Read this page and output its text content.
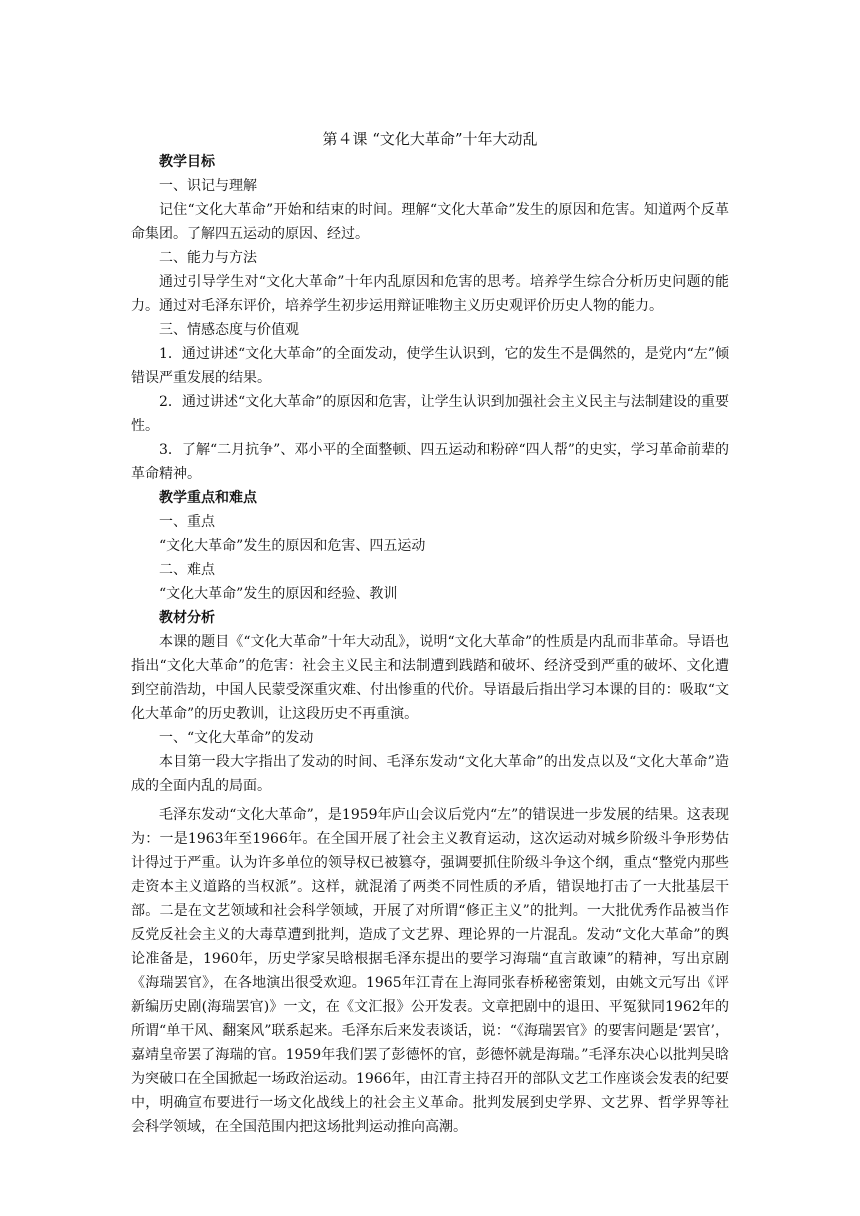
第４课 “文化大革命”十年大动乱
教学目标
一、识记与理解

记住“文化大革命”开始和结束的时间。理解“文化大革命”发生的原因和危害。知道两个反革命集团。了解四五运动的原因、经过。

二、能力与方法

通过引导学生对“文化大革命”十年内乱原因和危害的思考。培养学生综合分析历史问题的能力。通过对毛泽东评价，培养学生初步运用辩证唯物主义历史观评价历史人物的能力。

三、情感态度与价值观

1．通过讲述“文化大革命”的全面发动，使学生认识到，它的发生不是偶然的，是党内“左”倾错误严重发展的结果。

2．通过讲述“文化大革命”的原因和危害，让学生认识到加强社会主义民主与法制建设的重要性。

3．了解“二月抗争”、邓小平的全面整顿、四五运动和粉碎“四人帮”的史实，学习革命前辈的革命精神。

教学重点和难点
一、重点
“文化大革命”发生的原因和危害、四五运动
二、难点
“文化大革命”发生的原因和经验、教训
教材分析

本课的题目《“文化大革命”十年大动乱》，说明“文化大革命”的性质是内乱而非革命。导语也指出“文化大革命”的危害：社会主义民主和法制遭到践踏和破坏、经济受到严重的破坏、文化遭到空前浩劫，中国人民蒙受深重灾难、付出惨重的代价。导语最后指出学习本课的目的：吸取“文化大革命”的历史教训，让这段历史不再重演。

一、“文化大革命”的发动

本目第一段大字指出了发动的时间、毛泽东发动“文化大革命”的出发点以及“文化大革命”造成的全面内乱的局面。

毛泽东发动“文化大革命”，是1959年庐山会议后党内“左”的错误进一步发展的结果。这表现为：一是1963年至1966年。在全国开展了社会主义教育运动，这次运动对城乡阶级斗争形势估计得过于严重。认为许多单位的领导权已被篡夺，强调要抓住阶级斗争这个纲，重点“整党内那些走资本主义道路的当权派”。这样，就混淆了两类不同性质的矛盾，错误地打击了一大批基层干部。二是在文艺领域和社会科学领域，开展了对所谓“修正主义”的批判。一大批优秀作品被当作反党反社会主义的大毒草遭到批判，造成了文艺界、理论界的一片混乱。发动“文化大革命”的舆论准备是，1960年，历史学家吴晗根据毛泽东提出的要学习海瑞“直言敢谏”的精神，写出京剧《海瑞罢官》，在各地演出很受欢迎。1965年江青在上海同张春桥秘密策划，由姚文元写出《评新编历史剧(海瑞罢官)》一文，在《文汇报》公开发表。文章把剧中的退田、平冤狱同1962年的所谓“单干风、翻案风”联系起来。毛泽东后来发表谈话，说：“《海瑞罢官》的要害问题是‘罢官’，嘉靖皇帝罢了海瑞的官。1959年我们罢了彭德怀的官，彭德怀就是海瑞。”毛泽东决心以批判吴晗为突破口在全国掀起一场政治运动。1966年，由江青主持召开的部队文艺工作座谈会发表的纪要中，明确宣布要进行一场文化战线上的社会主义革命。批判发展到史学界、文艺界、哲学界等社会科学领域，在全国范围内把这场批判运动推向高潮。
